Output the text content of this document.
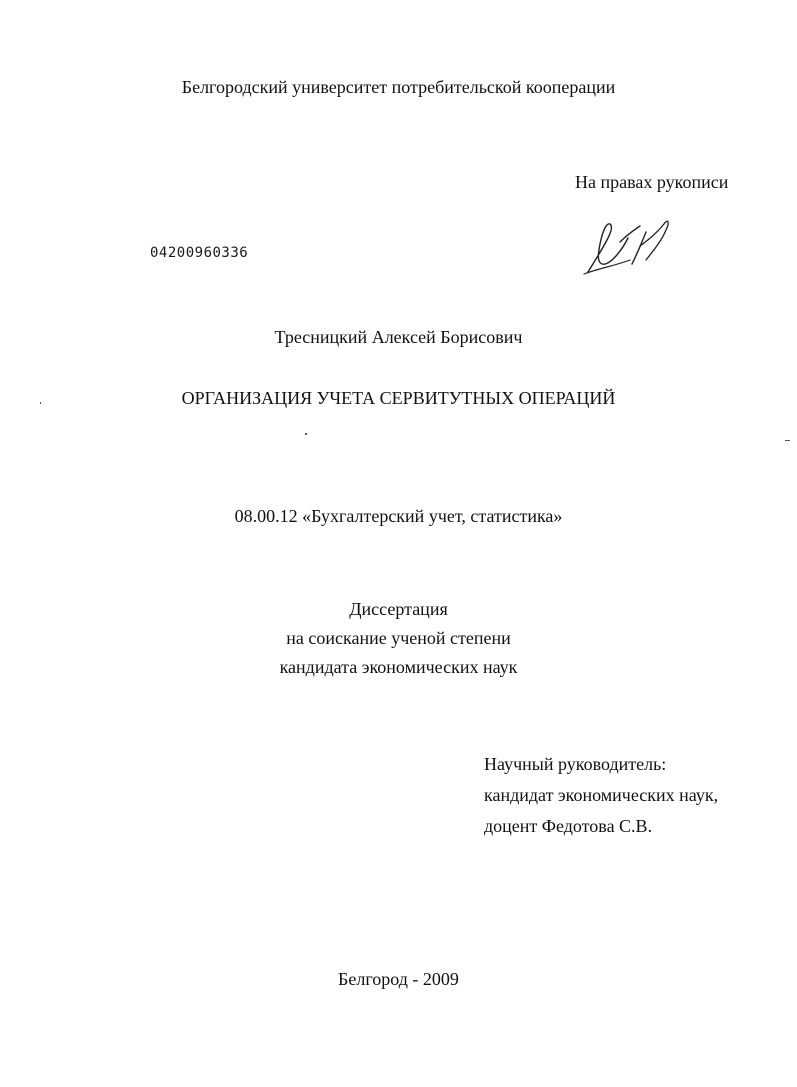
Белгородский университет потребительской кооперации
На правах рукописи
04200960336
Тресницкий Алексей Борисович
ОРГАНИЗАЦИЯ УЧЕТА СЕРВИТУТНЫХ ОПЕРАЦИЙ
08.00.12 «Бухгалтерский учет, статистика»
Диссертация
на соискание ученой степени
кандидата экономических наук
Научный руководитель:
кандидат экономических наук,
доцент Федотова С.В.
Белгород - 2009
